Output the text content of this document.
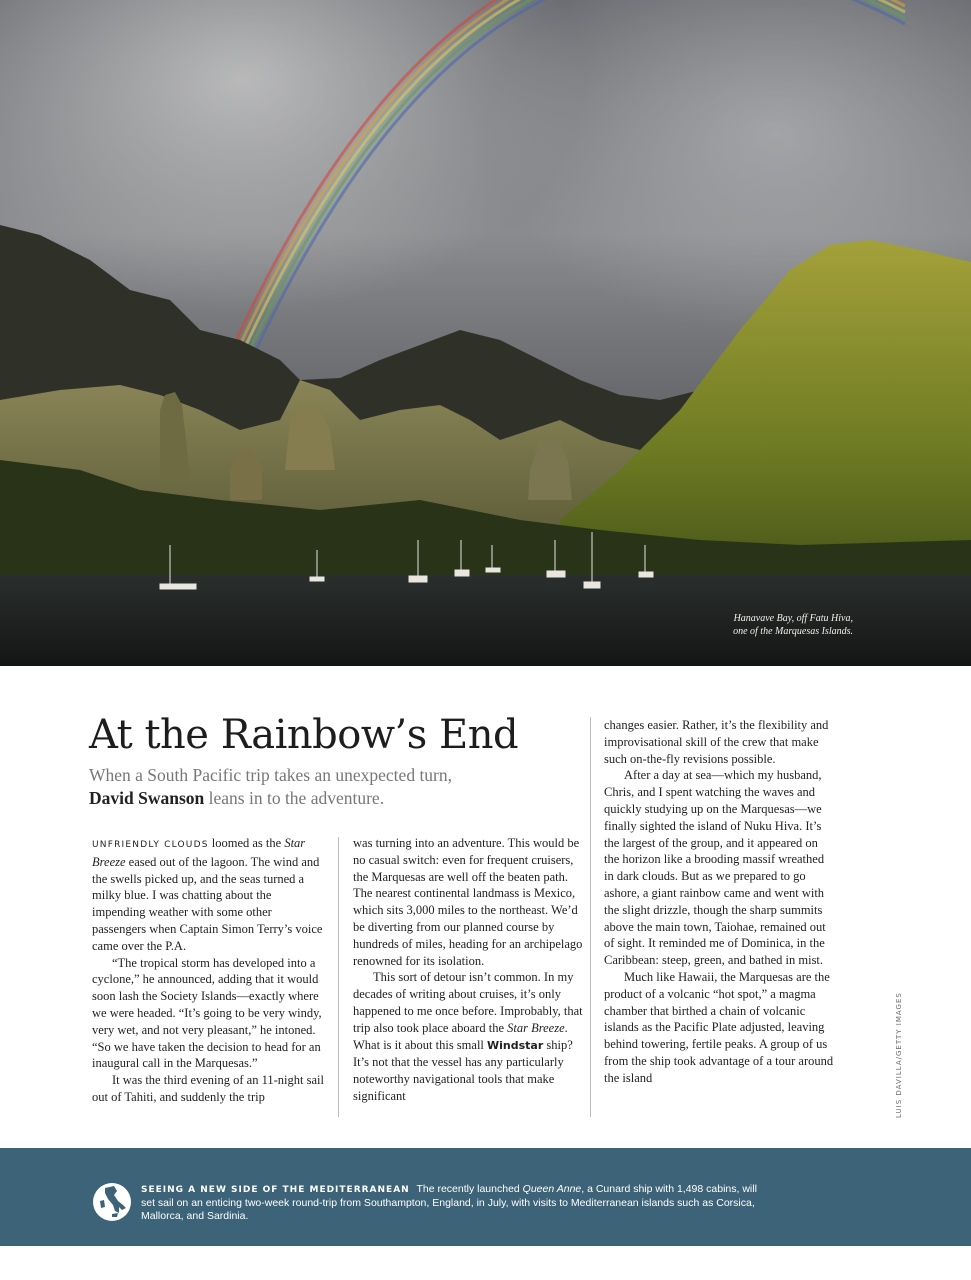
Hanavave Bay, off Fatu Hiva,
one of the Marquesas Islands.
At the Rainbow’s End
When a South Pacific trip takes an unexpected turn,
David Swanson leans in to the adventure.

UNFRIENDLY CLOUDS loomed as the Star Breeze eased out of the lagoon. The wind and the swells picked up, and the seas turned a milky blue. I was chatting about the impending weather with some other passengers when Captain Simon Terry’s voice came over the P.A.

“The tropical storm has developed into a cyclone,” he announced, adding that it would soon lash the Society Islands—exactly where we were headed. “It’s going to be very windy, very wet, and not very pleasant,” he intoned. “So we have taken the decision to head for an inaugural call in the Marquesas.”

It was the third evening of an 11-night sail out of Tahiti, and suddenly the trip

was turning into an adventure. This would be no casual switch: even for frequent cruisers, the Marquesas are well off the beaten path. The nearest continental landmass is Mexico, which sits 3,000 miles to the northeast. We’d be diverting from our planned course by hundreds of miles, heading for an archipelago renowned for its isolation.

This sort of detour isn’t common. In my decades of writing about cruises, it’s only happened to me once before. Improbably, that trip also took place aboard the Star Breeze. What is it about this small Windstar ship? It’s not that the vessel has any particularly noteworthy navigational tools that make significant

changes easier. Rather, it’s the flexibility and improvisational skill of the crew that make such on-the-fly revisions possible.

After a day at sea—which my husband, Chris, and I spent watching the waves and quickly studying up on the Marquesas—we finally sighted the island of Nuku Hiva. It’s the largest of the group, and it appeared on the horizon like a brooding massif wreathed in dark clouds. But as we prepared to go ashore, a giant rainbow came and went with the slight drizzle, though the sharp summits above the main town, Taiohae, remained out of sight. It reminded me of Dominica, in the Caribbean: steep, green, and bathed in mist.

Much like Hawaii, the Marquesas are the product of a volcanic “hot spot,” a magma chamber that birthed a chain of volcanic islands as the Pacific Plate adjusted, leaving behind towering, fertile peaks. A group of us from the ship took advantage of a tour around the island	LUIS DAVILLA/GETTY IMAGES
SEEING A NEW SIDE OF THE MEDITERRANEAN The recently launched Queen Anne, a Cunard ship with 1,498 cabins, will set sail on an enticing two-week round-trip from Southampton, England, in July, with visits to Mediterranean islands such as Corsica, Mallorca, and Sardinia.
